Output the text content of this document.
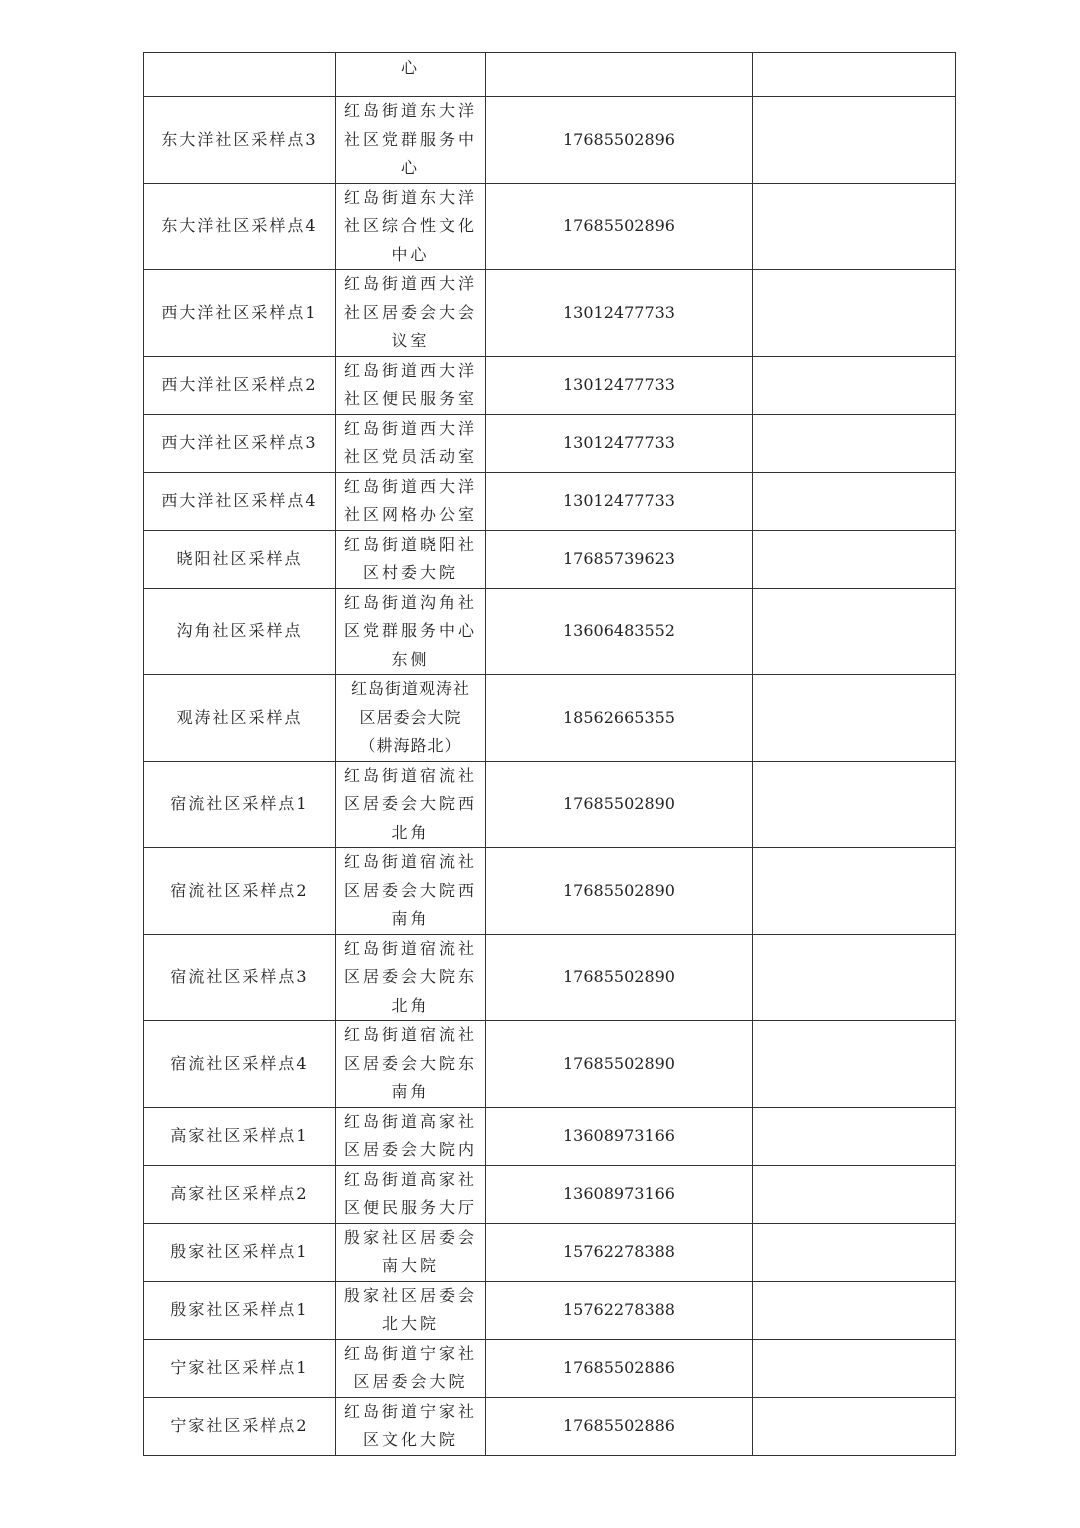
	心		
东大洋社区采样点3	红岛街道东大洋
社区党群服务中
心	17685502896	
东大洋社区采样点4	红岛街道东大洋
社区综合性文化
中心	17685502896	
西大洋社区采样点1	红岛街道西大洋
社区居委会大会
议室	13012477733	
西大洋社区采样点2	红岛街道西大洋
社区便民服务室	13012477733	
西大洋社区采样点3	红岛街道西大洋
社区党员活动室	13012477733	
西大洋社区采样点4	红岛街道西大洋
社区网格办公室	13012477733	
晓阳社区采样点	红岛街道晓阳社
区村委大院	17685739623	
沟角社区采样点	红岛街道沟角社
区党群服务中心
东侧	13606483552	
观涛社区采样点	红岛街道观涛社
区居委会大院
（耕海路北）	18562665355	
宿流社区采样点1	红岛街道宿流社
区居委会大院西
北角	17685502890	
宿流社区采样点2	红岛街道宿流社
区居委会大院西
南角	17685502890	
宿流社区采样点3	红岛街道宿流社
区居委会大院东
北角	17685502890	
宿流社区采样点4	红岛街道宿流社
区居委会大院东
南角	17685502890	
高家社区采样点1	红岛街道高家社
区居委会大院内	13608973166	
高家社区采样点2	红岛街道高家社
区便民服务大厅	13608973166	
殷家社区采样点1	殷家社区居委会
南大院	15762278388	
殷家社区采样点1	殷家社区居委会
北大院	15762278388	
宁家社区采样点1	红岛街道宁家社
区居委会大院	17685502886	
宁家社区采样点2	红岛街道宁家社
区文化大院	17685502886	
